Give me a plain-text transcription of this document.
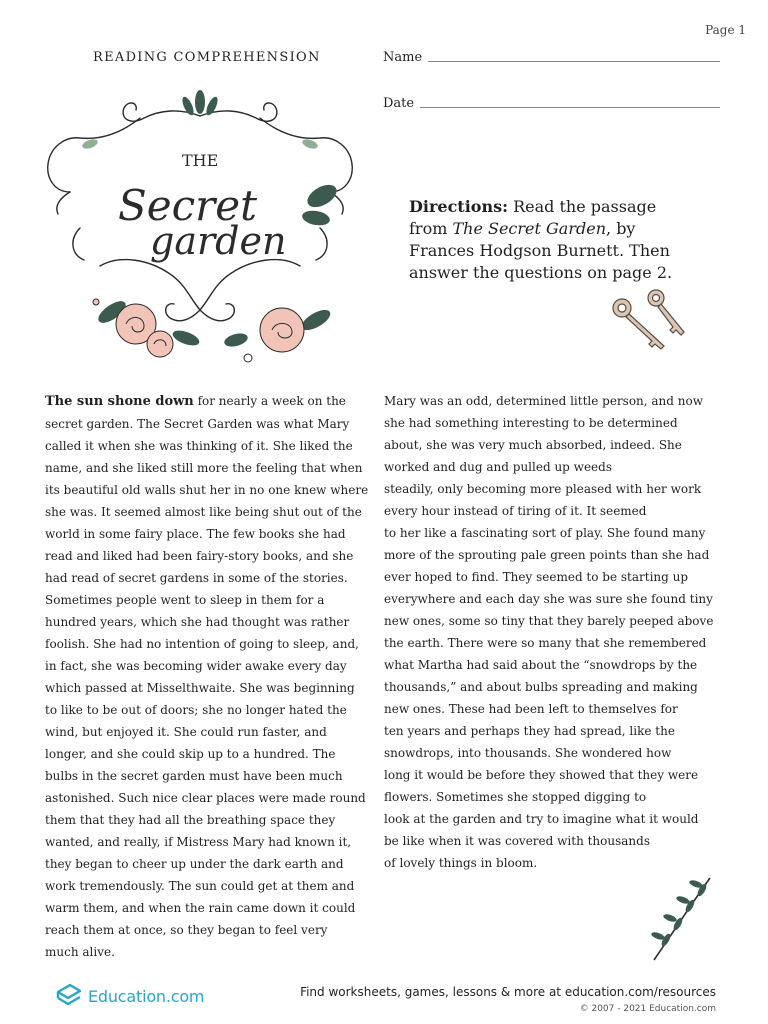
Page 1
READING COMPREHENSION	Name
Date
THE
Secret
garden
Directions: Read the passage from The Secret Garden, by Frances Hodgson Burnett. Then answer the questions on page 2.
The sun shone down for nearly a week on the
secret garden. The Secret Garden was what Mary
called it when she was thinking of it. She liked the
name, and she liked still more the feeling that when
its beautiful old walls shut her in no one knew where
she was. It seemed almost like being shut out of the
world in some fairy place. The few books she had
read and liked had been fairy-story books, and she
had read of secret gardens in some of the stories.
Sometimes people went to sleep in them for a
hundred years, which she had thought was rather
foolish. She had no intention of going to sleep, and,
in fact, she was becoming wider awake every day
which passed at Misselthwaite. She was beginning
to like to be out of doors; she no longer hated the
wind, but enjoyed it. She could run faster, and
longer, and she could skip up to a hundred. The
bulbs in the secret garden must have been much
astonished. Such nice clear places were made round
them that they had all the breathing space they
wanted, and really, if Mistress Mary had known it,
they began to cheer up under the dark earth and
work tremendously. The sun could get at them and
warm them, and when the rain came down it could
reach them at once, so they began to feel very
much alive.
Mary was an odd, determined little person, and now
she had something interesting to be determined
about, she was very much absorbed, indeed. She
worked and dug and pulled up weeds
steadily, only becoming more pleased with her work
every hour instead of tiring of it. It seemed
to her like a fascinating sort of play. She found many
more of the sprouting pale green points than she had
ever hoped to find. They seemed to be starting up
everywhere and each day she was sure she found tiny
new ones, some so tiny that they barely peeped above
the earth. There were so many that she remembered
what Martha had said about the “snowdrops by the
thousands,” and about bulbs spreading and making
new ones. These had been left to themselves for
ten years and perhaps they had spread, like the
snowdrops, into thousands. She wondered how
long it would be before they showed that they were
flowers. Sometimes she stopped digging to
look at the garden and try to imagine what it would
be like when it was covered with thousands
of lovely things in bloom.
Education.com	Find worksheets, games, lessons & more at education.com/resources
© 2007 - 2021 Education.com
